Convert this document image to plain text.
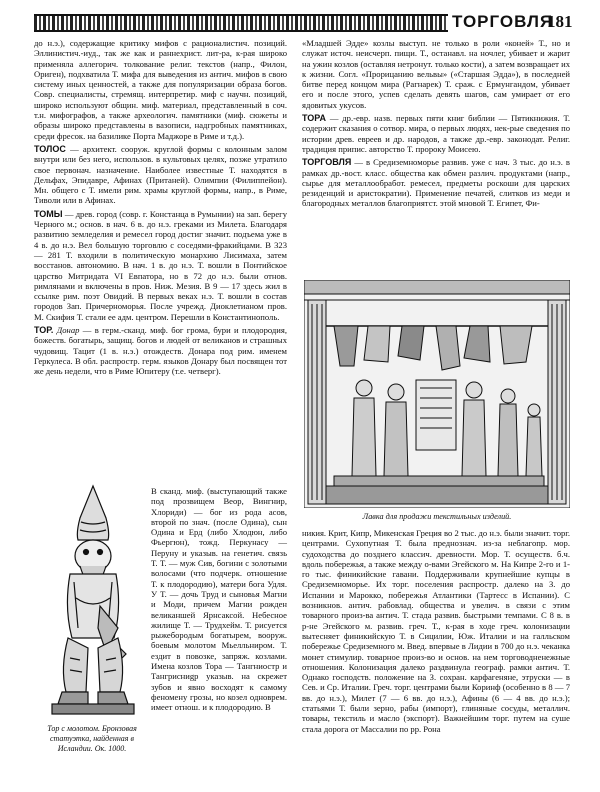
ТОРГОВЛЯ
181

до н.э.), содержащие критику мифов с рационалистич. позиций. Эллинистич.-иуд., так же как и раннехрист. лит-ра, к-рая широко применяла аллегорич. толкование религ. текстов (напр., Филон, Ориген), подхватила Т. мифа для выведения из антич. мифов в свою систему иных ценностей, а также для популяризации образа богов. Совр. специалисты, стремящ. интерпретир. миф с научн. позиций, широко используют общин. миф. материал, представленный в соч. т.н. мифографов, а также археологич. памятники (миф. сюжеты и образы широко представлены в вазописи, надгробных памятниках, среди фресок. на базилике Порта Маджоре в Риме и т.д.).

ТОЛОС — архитект. сооруж. круглой формы с колонным залом внутри или без него, использов. в культовых целях, позже утратило свое первонач. назначение. Наиболее известные Т. находятся в Дельфах, Эпидавре, Афинах (Пританей). Олимпии (Филиппейон). Мн. общего с Т. имели рим. храмы круглой формы, напр., в Риме, Тиволи или в Афинах.

ТОМЫ — древ. город (совр. г. Констанца в Румынии) на зап. берегу Черного м.; основ. в нач. 6 в. до н.э. греками из Милета. Благодаря развитию земледелия и ремесел город достиг значит. подъема уже в 4 в. до н.э. Вел большую торговлю с соседями-фракийцами. В 323 — 281 Т. входили в политическую монархию Лисимаха, затем восстанов. автономию. В нач. 1 в. до н.э. Т. вошли в Понтийское царство Митридата VI Евпатора, но в 72 до н.э. были отнов. римлянами и включены в пров. Ниж. Мезия. В 9 — 17 здесь жил в ссылке рим. поэт Овидий. В первых веках н.э. Т. вошли в состав городов Зап. Причерноморья. После учрежд. Диоклетианом пров. М. Скифия Т. стали ее адм. центром. Перешли в Константинополь.

ТОР. Донар — в герм.-сканд. миф. бог грома, бури и плодородия, божеств. богатырь, защищ. богов и людей от великанов и страшных чудовищ. Тацит (1 в. н.э.) отождеств. Донара под рим. именем Геркулеса. В обл. распростр. герм. языков Донару был посвящен тот же день недели, что в Риме Юпитеру (т.е. четверг).

В сканд. миф. (выступающий также под прозвищем Веор, Вингнир, Хлориди) — бог из рода асов, второй по знач. (после Одина), сын Одина и Ерд (либо Хлодюн, либо Фьергюн), тожд. Перкунасу — Перуну и указыв. на генетич. связь Т. Т. — муж Сив, богини с золотыми волосами (что подчерк. отношение Т. к плодородию), матери бога Удля. У Т. — дочь Труд и сыновья Магни и Моди, причем Магни рожден великаншей Ярнсаксой. Небесное жилище Т. — Трудхейм. Т. рисуется рыжебородым богатырем, вооруж. боевым молотом Мьелльниром. Т. ездит в повозке, запряж. козлами. Имена козлов Тора — Тангниостр и Тангрисниgр указыв. на скрежет зубов и явно восходят к самому феномену грозы, но козел одноврем. имеет отнош. и к плодородию. В

Тор с молотом. Бронзовая статуэтка, найденная в Исландии. Ок. 1000.

«Младшей Эдде» козлы выступ. не только в роли «коней» Т., но и служат источ. неисчерп. пищи. Т., останавл. на ночлег, убивает и жарит на ужин козлов (оставляя нетронут. только кости), а затем возвращает их к жизни. Согл. «Прорицанию вельвы» («Старшая Эдда»), в последней битве перед концом мира (Рагнарек) Т. сраж. с Ермунгандом, убивает его и после этого, успев сделать девять шагов, сам умирает от его ядовитых укусов.

ТОРА — др.-евр. назв. первых пяти книг библии — Пятикнижия. Т. содержит сказания о сотвор. мира, о первых людях, нек-рые сведения по истории древ. евреев и др. народов, а также др.-евр. законодат. Религ. традиция припис. авторство Т. пророку Моисею.

ТОРГОВЛЯ — в Средиземноморье развив. уже с нач. 3 тыс. до н.э. в рамках др.-вост. класс. общества как обмен различ. продуктами (напр., сырье для металлообработ. ремесел, предметы роскоши для царских резиденций и аристократии). Применение печатей, слитков из меди и благородных металлов благоприятст. этой мновой Т. Египет, Фи-

Лавка для продажи текстильных изделий.

никия. Крит, Кипр, Микенская Греция во 2 тыс. до н.э. были значит. торг. центрами. Сухопутная Т. была преднознач. из-за неблагопр. мор. судоходства до позднего классич. древности. Мор. Т. осуществ. б.ч. вдоль побережья, а также между о-вами Эгейского м. На Кипре 2-го и 1-го тыс. финикийские гавани. Поддерживали крупнейшие купцы в Средиземноморье. Их торг. поселения распростр. далеко на З. до Испании и Марокко, побережья Атлантики (Тартесс в Испании). С возникнов. антич. рабовлад. общества и увелич. в связи с этим товарного произ-ва антич. Т. стада развив. быстрыми темпами. С 8 в. в р-не Эгейского м. развив. греч. Т., к-рая в ходе греч. колонизации вытесняет финикийскую Т. в Сицилии, Юж. Италии и на галльском побережье Средиземного м. Введ. впервые в Лидии в 700 до н.э. чеканка монет стимулир. товарное произ-во и основ. на нем торговодненежные отношения. Колонизация далеко раздвинула географ. рамки антич. Т. Однако господств. положение на З. сохран. карфагеняне, этруски — в Сев. и Ср. Италии. Греч. торг. центрами были Коринф (особенно в 8 — 7 вв. до н.э.), Милет (7 — 6 вв. до н.э.), Афины (6 — 4 вв. до н.э.); статьями Т. были зерно, рабы (импорт), глиняные сосуды, металлич. товары, текстиль и масло (экспорт). Важнейшим торг. путем на суше стала дорога от Массалии по рр. Рона
